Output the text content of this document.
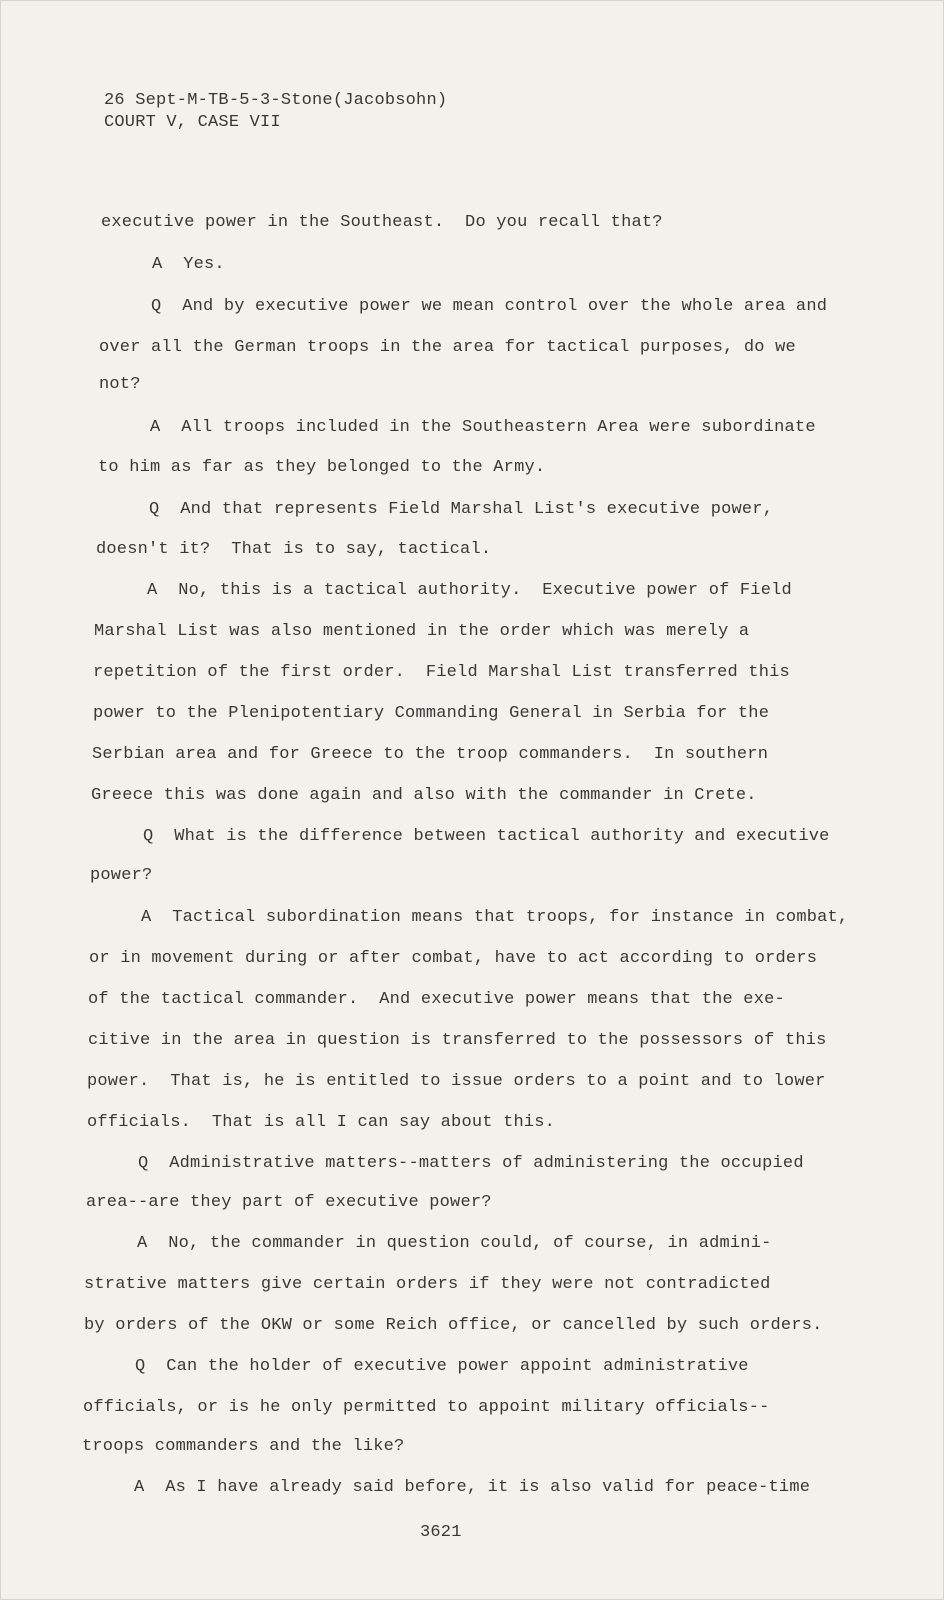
26 Sept-M-TB-5-3-Stone(Jacobsohn)
COURT V, CASE VII
executive power in the Southeast.  Do you recall that?
A  Yes.
Q  And by executive power we mean control over the whole area and
over all the German troops in the area for tactical purposes, do we
not?
A  All troops included in the Southeastern Area were subordinate
to him as far as they belonged to the Army.
Q  And that represents Field Marshal List's executive power,
doesn't it?  That is to say, tactical.
A  No, this is a tactical authority.  Executive power of Field
Marshal List was also mentioned in the order which was merely a
repetition of the first order.  Field Marshal List transferred this
power to the Plenipotentiary Commanding General in Serbia for the
Serbian area and for Greece to the troop commanders.  In southern
Greece this was done again and also with the commander in Crete.
Q  What is the difference between tactical authority and executive
power?
A  Tactical subordination means that troops, for instance in combat,
or in movement during or after combat, have to act according to orders
of the tactical commander.  And executive power means that the exe-
citive in the area in question is transferred to the possessors of this
power.  That is, he is entitled to issue orders to a point and to lower
officials.  That is all I can say about this.
Q  Administrative matters--matters of administering the occupied
area--are they part of executive power?
A  No, the commander in question could, of course, in admini-
strative matters give certain orders if they were not contradicted
by orders of the OKW or some Reich office, or cancelled by such orders.
Q  Can the holder of executive power appoint administrative
officials, or is he only permitted to appoint military officials--
troops commanders and the like?
A  As I have already said before, it is also valid for peace-time
3621
